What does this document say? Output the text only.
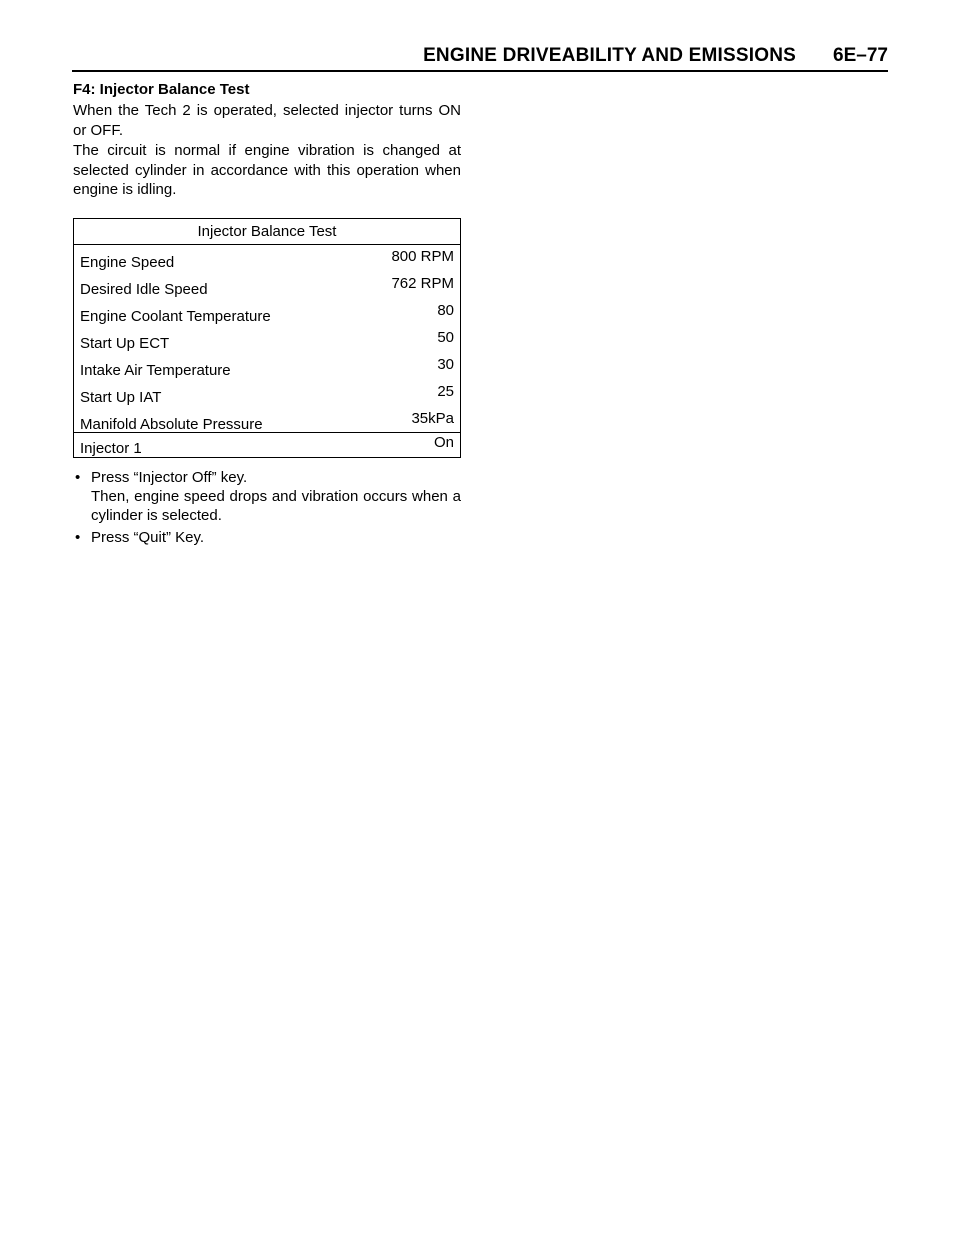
ENGINE DRIVEABILITY AND EMISSIONS 6E–77
F4: Injector Balance Test

When the Tech 2 is operated, selected injector turns ON or OFF.

The circuit is normal if engine vibration is changed at selected cylinder in accordance with this operation when engine is idling.

Injector Balance Test
Engine Speed	800 RPM
Desired Idle Speed	762 RPM
Engine Coolant Temperature	80
Start Up ECT	50
Intake Air Temperature	30
Start Up IAT	25
Manifold Absolute Pressure	35kPa
Injector 1	On
• Press “Injector Off” key.
Then, engine speed drops and vibration occurs when a cylinder is selected.
• Press “Quit” Key.
